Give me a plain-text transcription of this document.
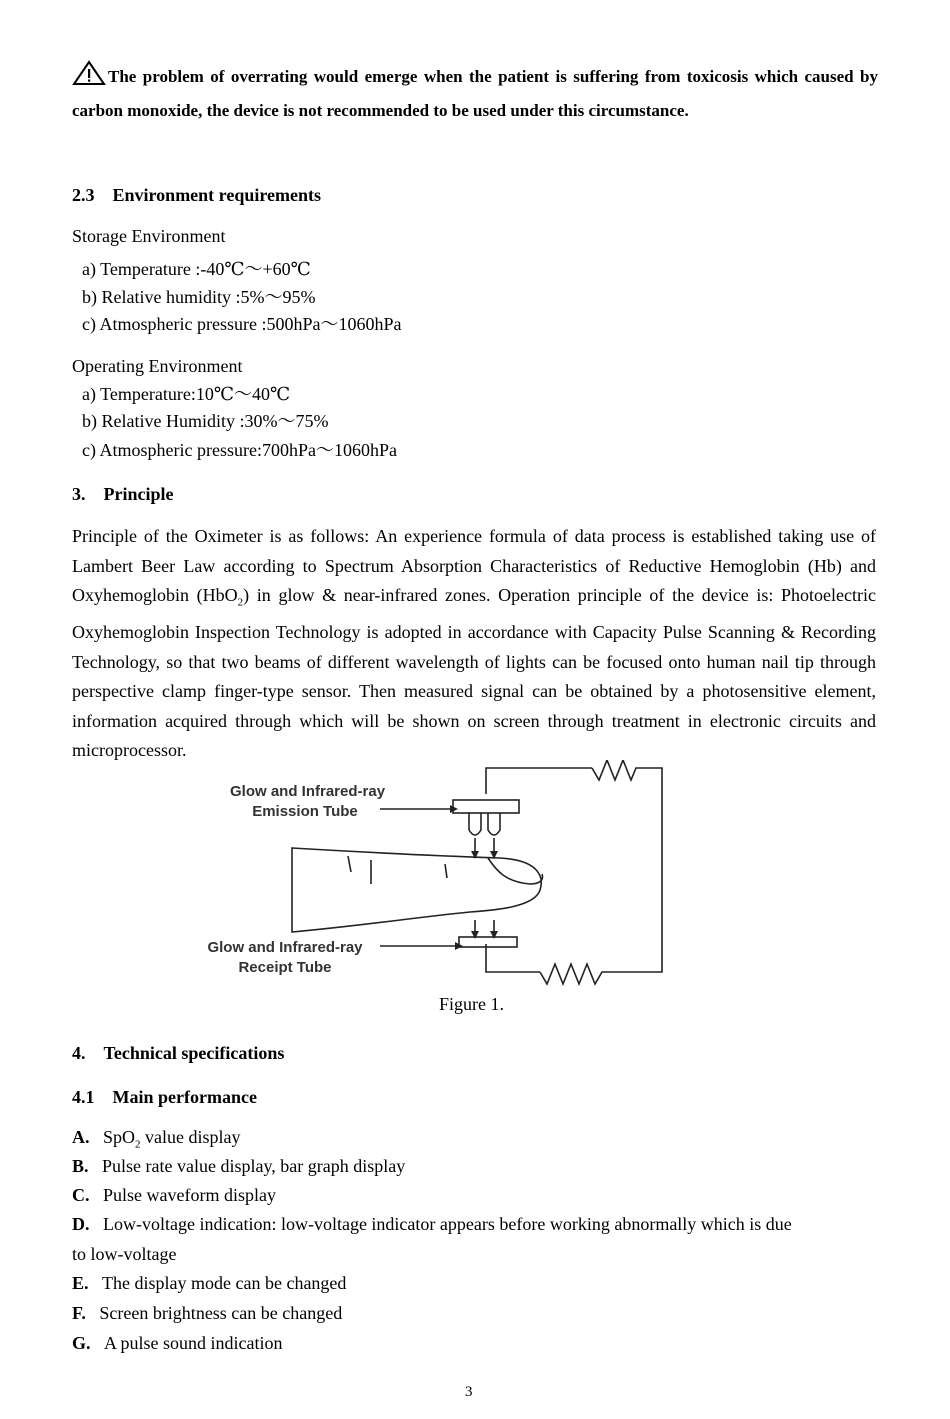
The problem of overrating would emerge when the patient is suffering from toxicosis which caused by carbon monoxide, the device is not recommended to be used under this circumstance.
2.3　Environment requirements
Storage Environment
a) Temperature :-40℃～+60℃
b) Relative humidity :5%～95%
c) Atmospheric pressure :500hPa～1060hPa
Operating Environment
a) Temperature:10℃～40℃
b) Relative Humidity :30%～75%
c) Atmospheric pressure:700hPa～1060hPa
3.　Principle
Principle of the Oximeter is as follows: An experience formula of data process is established taking use of Lambert Beer Law according to Spectrum Absorption Characteristics of Reductive Hemoglobin (Hb) and Oxyhemoglobin (HbO$_2$) in glow & near-infrared zones. Operation principle of the device is: Photoelectric Oxyhemoglobin Inspection Technology is adopted in accordance with Capacity Pulse Scanning & Recording Technology, so that two beams of different wavelength of lights can be focused onto human nail tip through perspective clamp finger-type sensor. Then measured signal can be obtained by a photosensitive element, information acquired through which will be shown on screen through treatment in electronic circuits and microprocessor.
Glow and Infrared-ray
Emission Tube
Glow and Infrared-ray
Receipt Tube
Figure 1.
4.　Technical specifications
4.1　Main performance
A. SpO$_2$ value display
B. Pulse rate value display, bar graph display
C. Pulse waveform display
D. Low-voltage indication: low-voltage indicator appears before working abnormally which is due
to low-voltage
E. The display mode can be changed
F. Screen brightness can be changed
G. A pulse sound indication
3
